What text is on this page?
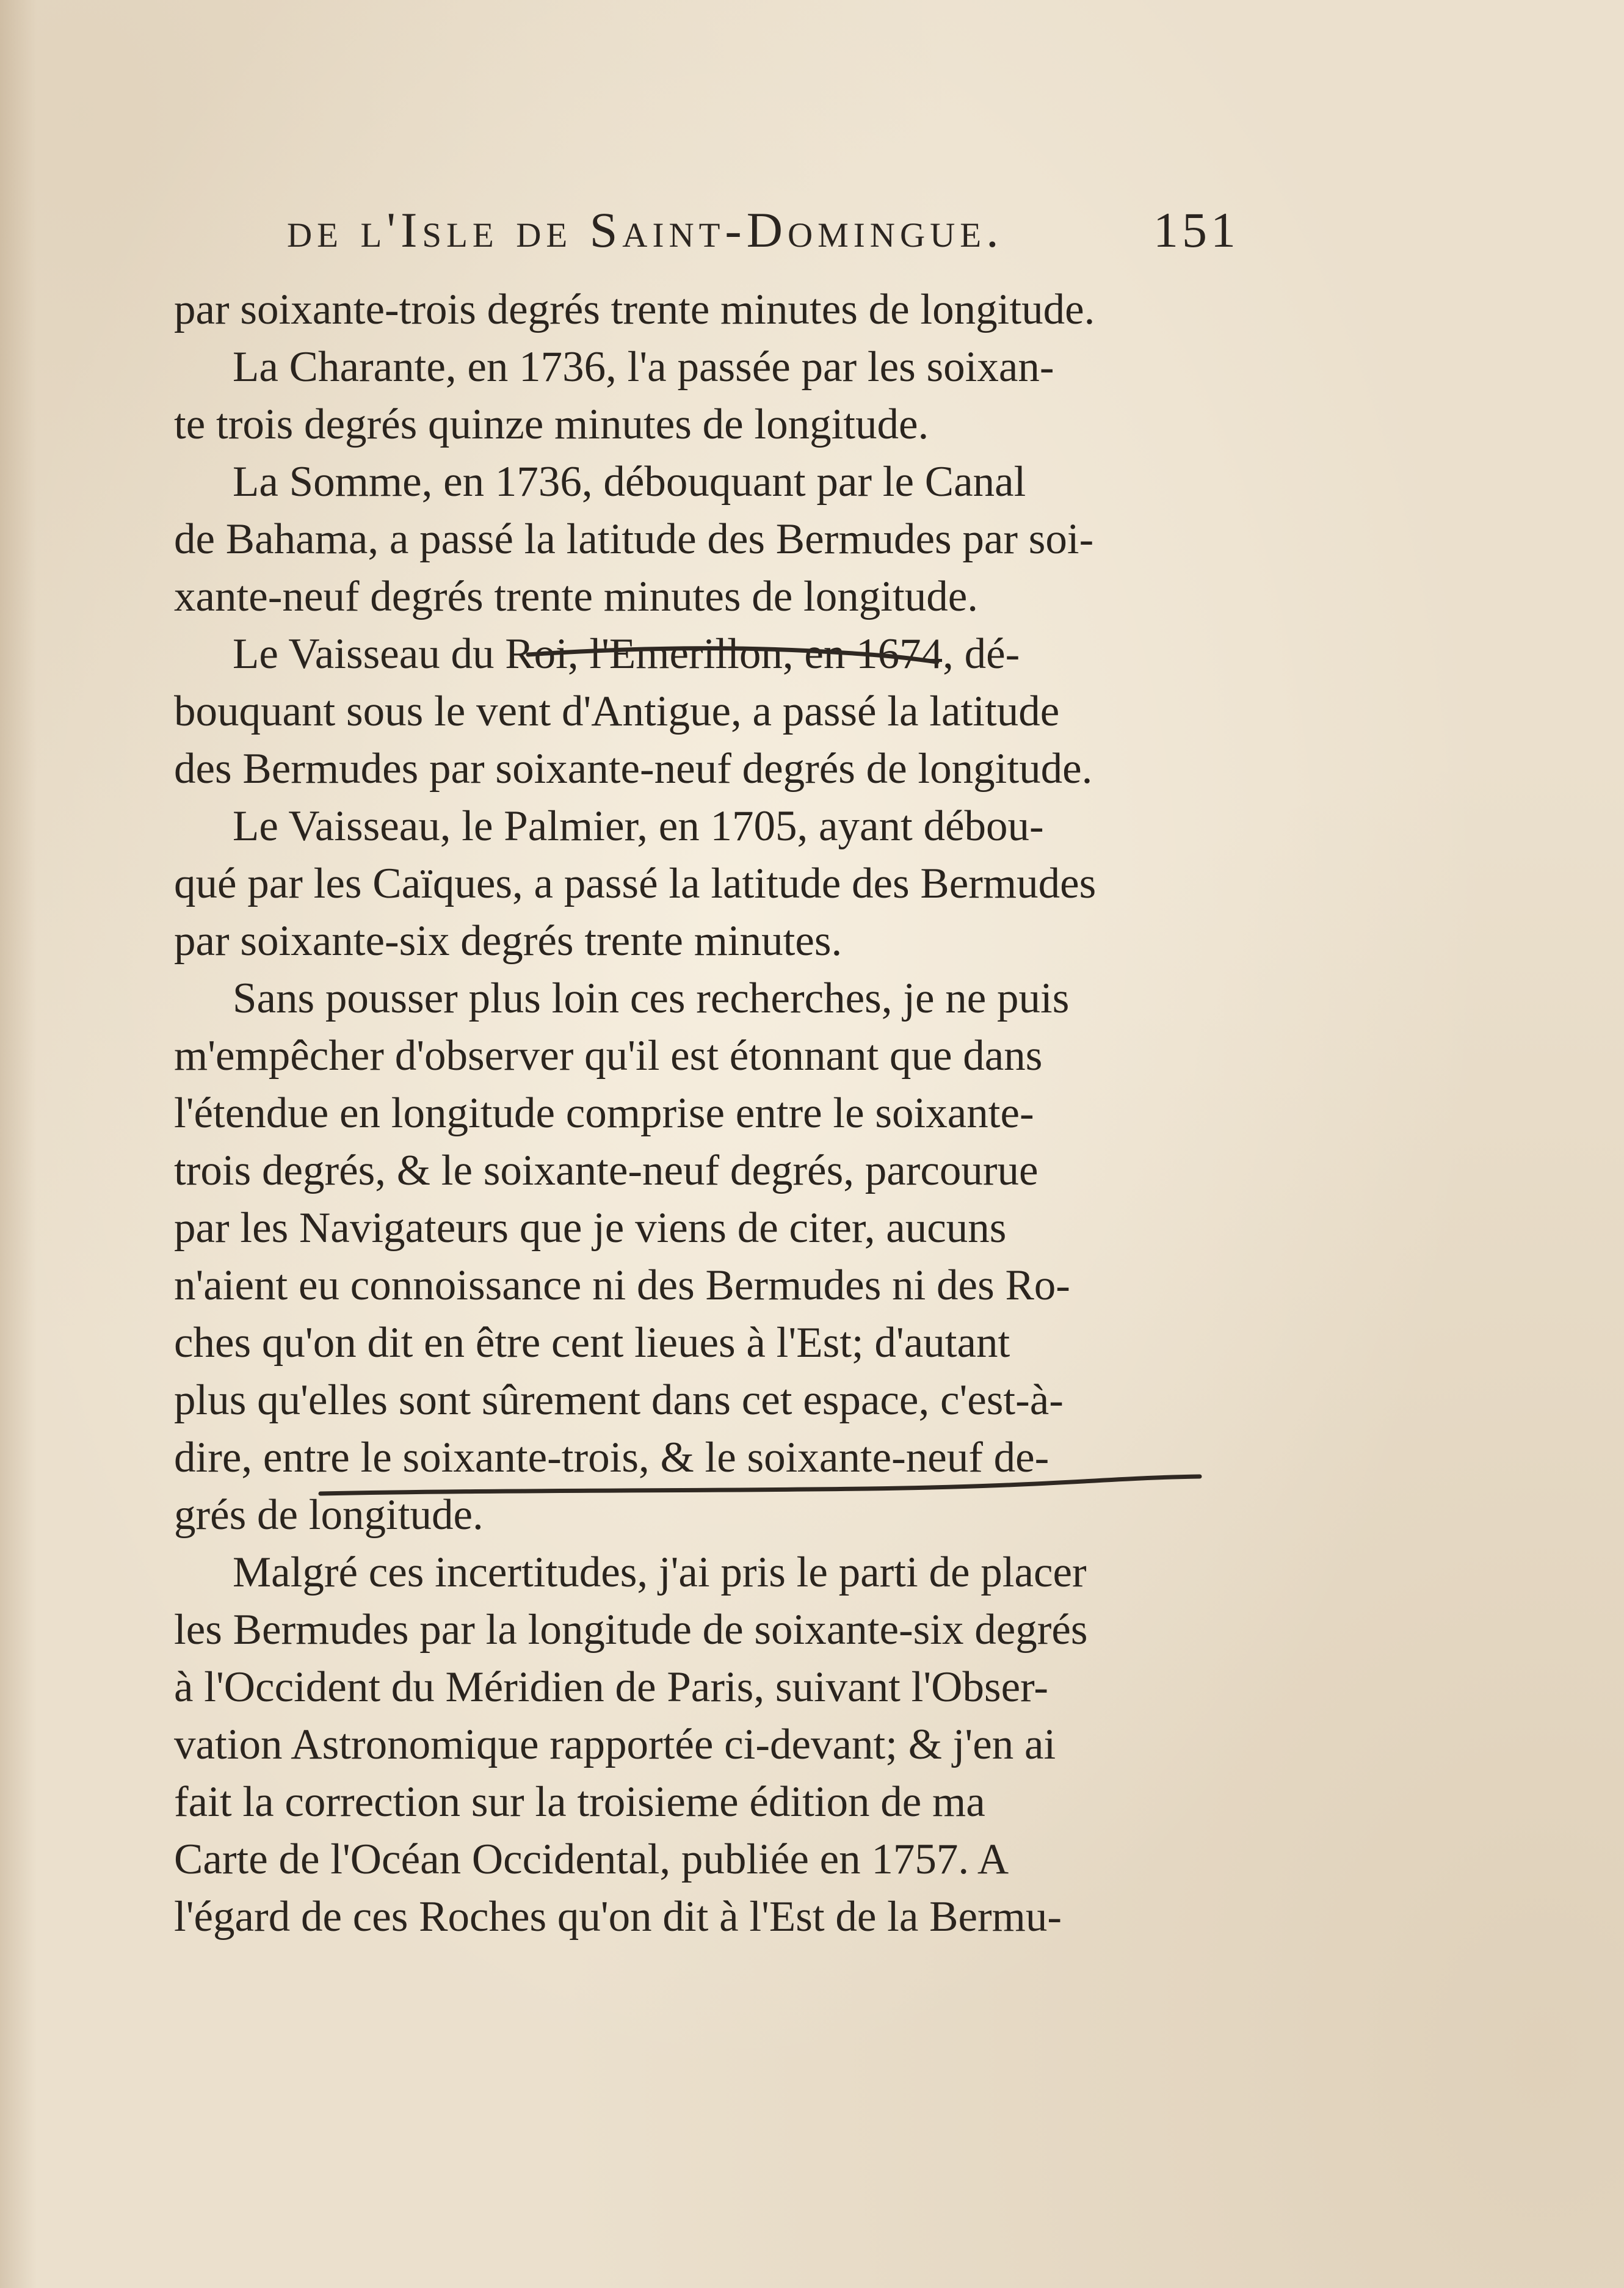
de l'Isle de Saint-Domingue.	151
par soixante-trois degrés trente minutes de longitude.
La Charante, en 1736, l'a passée par les soixan-
te trois degrés quinze minutes de longitude.
La Somme, en 1736, débouquant par le Canal
de Bahama, a passé la latitude des Bermudes par soi-
xante-neuf degrés trente minutes de longitude.
Le Vaisseau du Roi, l'Emerillon, en 1674, dé-
bouquant sous le vent d'Antigue, a passé la latitude
des Bermudes par soixante-neuf degrés de longitude.
Le Vaisseau, le Palmier, en 1705, ayant débou-
qué par les Caïques, a passé la latitude des Bermudes
par soixante-six degrés trente minutes.
Sans pousser plus loin ces recherches, je ne puis
m'empêcher d'observer qu'il est étonnant que dans
l'étendue en longitude comprise entre le soixante-
trois degrés, & le soixante-neuf degrés, parcourue
par les Navigateurs que je viens de citer, aucuns
n'aient eu connoissance ni des Bermudes ni des Ro-
ches qu'on dit en être cent lieues à l'Est; d'autant
plus qu'elles sont sûrement dans cet espace, c'est-à-
dire, entre le soixante-trois, & le soixante-neuf de-
grés de longitude.
Malgré ces incertitudes, j'ai pris le parti de placer
les Bermudes par la longitude de soixante-six degrés
à l'Occident du Méridien de Paris, suivant l'Obser-
vation Astronomique rapportée ci-devant; & j'en ai
fait la correction sur la troisieme édition de ma
Carte de l'Océan Occidental, publiée en 1757. A
l'égard de ces Roches qu'on dit à l'Est de la Bermu-
